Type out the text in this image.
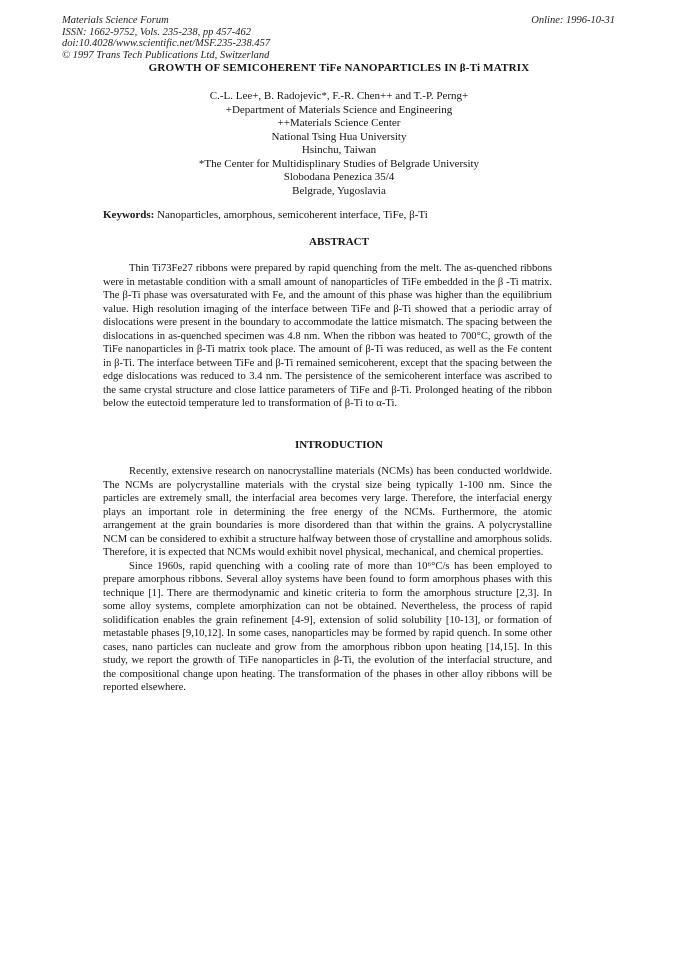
Materials Science Forum
ISSN: 1662-9752, Vols. 235-238, pp 457-462
doi:10.4028/www.scientific.net/MSF.235-238.457
© 1997 Trans Tech Publications Ltd, Switzerland
Online: 1996-10-31
GROWTH OF SEMICOHERENT TiFe NANOPARTICLES IN β-Ti MATRIX
C.-L. Lee+, B. Radojevic*, F.-R. Chen++ and T.-P. Perng+
+Department of Materials Science and Engineering
++Materials Science Center
National Tsing Hua University
Hsinchu, Taiwan
*The Center for Multidisplinary Studies of Belgrade University
Slobodana Penezica 35/4
Belgrade, Yugoslavia
Keywords: Nanoparticles, amorphous, semicoherent interface, TiFe, β-Ti
ABSTRACT

Thin Ti73Fe27 ribbons were prepared by rapid quenching from the melt. The as-quenched ribbons were in metastable condition with a small amount of nanoparticles of TiFe embedded in the β -Ti matrix. The β-Ti phase was oversaturated with Fe, and the amount of this phase was higher than the equilibrium value. High resolution imaging of the interface between TiFe and β-Ti showed that a periodic array of dislocations were present in the boundary to accommodate the lattice mismatch. The spacing between the dislocations in as-quenched specimen was 4.8 nm. When the ribbon was heated to 700°C, growth of the TiFe nanoparticles in β-Ti matrix took place. The amount of β-Ti was reduced, as well as the Fe content in β-Ti. The interface between TiFe and β-Ti remained semicoherent, except that the spacing between the edge dislocations was reduced to 3.4 nm. The persistence of the semicoherent interface was ascribed to the same crystal structure and close lattice parameters of TiFe and β-Ti. Prolonged heating of the ribbon below the eutectoid temperature led to transformation of β-Ti to α-Ti.

INTRODUCTION

Recently, extensive research on nanocrystalline materials (NCMs) has been conducted worldwide. The NCMs are polycrystalline materials with the crystal size being typically 1-100 nm. Since the particles are extremely small, the interfacial area becomes very large. Therefore, the interfacial energy plays an important role in determining the free energy of the NCMs. Furthermore, the atomic arrangement at the grain boundaries is more disordered than that within the grains. A polycrystalline NCM can be considered to exhibit a structure halfway between those of crystalline and amorphous solids. Therefore, it is expected that NCMs would exhibit novel physical, mechanical, and chemical properties.

Since 1960s, rapid quenching with a cooling rate of more than 10⁶°C/s has been employed to prepare amorphous ribbons. Several alloy systems have been found to form amorphous phases with this technique [1]. There are thermodynamic and kinetic criteria to form the amorphous structure [2,3]. In some alloy systems, complete amorphization can not be obtained. Nevertheless, the process of rapid solidification enables the grain refinement [4-9], extension of solid solubility [10-13], or formation of metastable phases [9,10,12]. In some cases, nanoparticles may be formed by rapid quench. In some other cases, nano particles can nucleate and grow from the amorphous ribbon upon heating [14,15]. In this study, we report the growth of TiFe nanoparticles in β-Ti, the evolution of the interfacial structure, and the compositional change upon heating. The transformation of the phases in other alloy ribbons will be reported elsewhere.
